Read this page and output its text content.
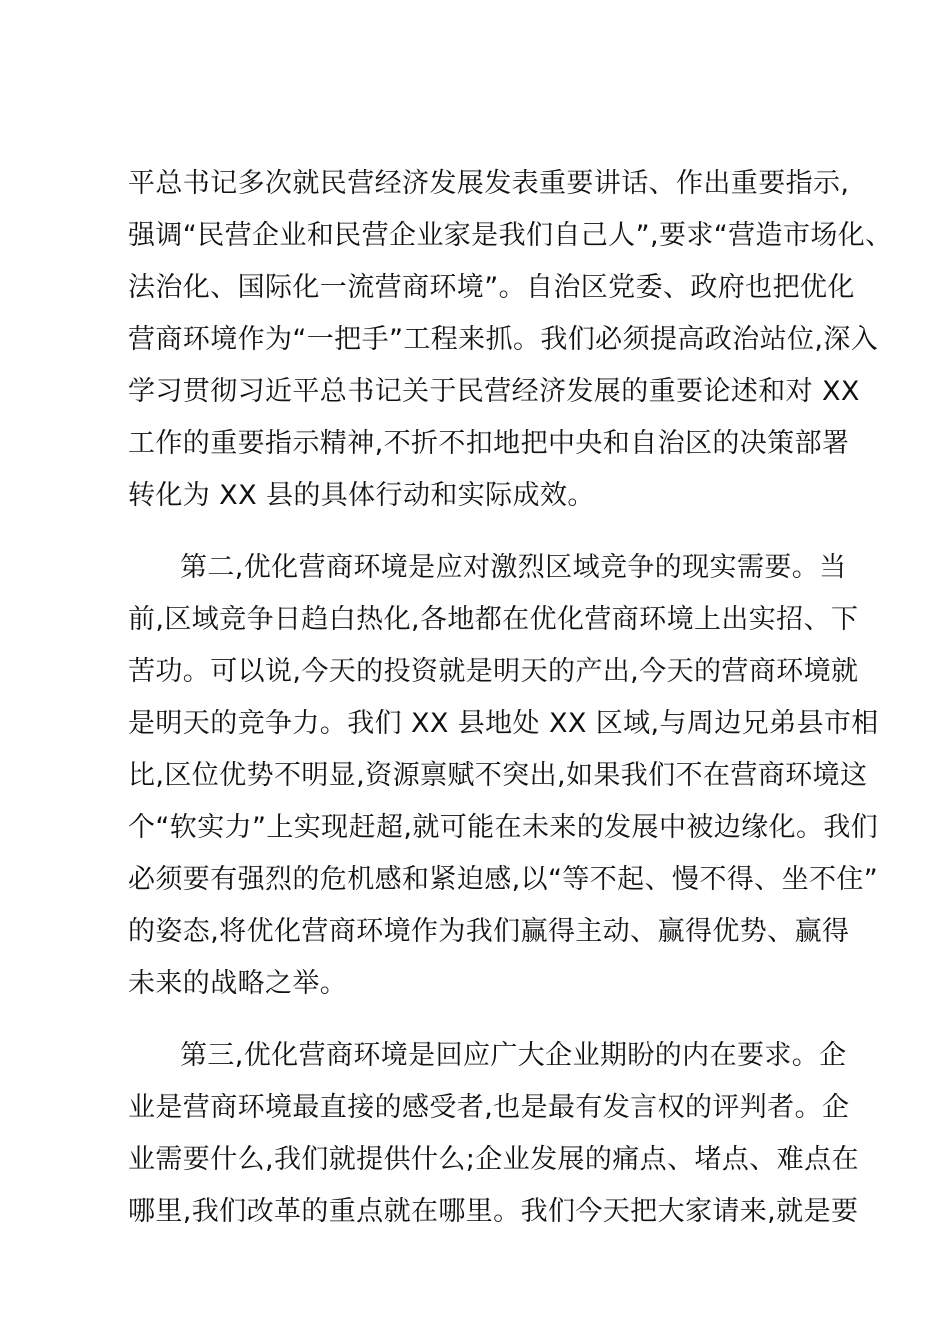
平总书记多次就民营经济发展发表重要讲话、作出重要指示,

强调“民营企业和民营企业家是我们自己人”,要求“营造市场化、

法治化、国际化一流营商环境”。自治区党委、政府也把优化

营商环境作为“一把手”工程来抓。我们必须提高政治站位,深入

学习贯彻习近平总书记关于民营经济发展的重要论述和对 XX

工作的重要指示精神,不折不扣地把中央和自治区的决策部署

转化为 XX 县的具体行动和实际成效。

第二,优化营商环境是应对激烈区域竞争的现实需要。当

前,区域竞争日趋白热化,各地都在优化营商环境上出实招、下

苦功。可以说,今天的投资就是明天的产出,今天的营商环境就

是明天的竞争力。我们 XX 县地处 XX 区域,与周边兄弟县市相

比,区位优势不明显,资源禀赋不突出,如果我们不在营商环境这

个“软实力”上实现赶超,就可能在未来的发展中被边缘化。我们

必须要有强烈的危机感和紧迫感,以“等不起、慢不得、坐不住”

的姿态,将优化营商环境作为我们赢得主动、赢得优势、赢得

未来的战略之举。

第三,优化营商环境是回应广大企业期盼的内在要求。企

业是营商环境最直接的感受者,也是最有发言权的评判者。企

业需要什么,我们就提供什么;企业发展的痛点、堵点、难点在

哪里,我们改革的重点就在哪里。我们今天把大家请来,就是要
